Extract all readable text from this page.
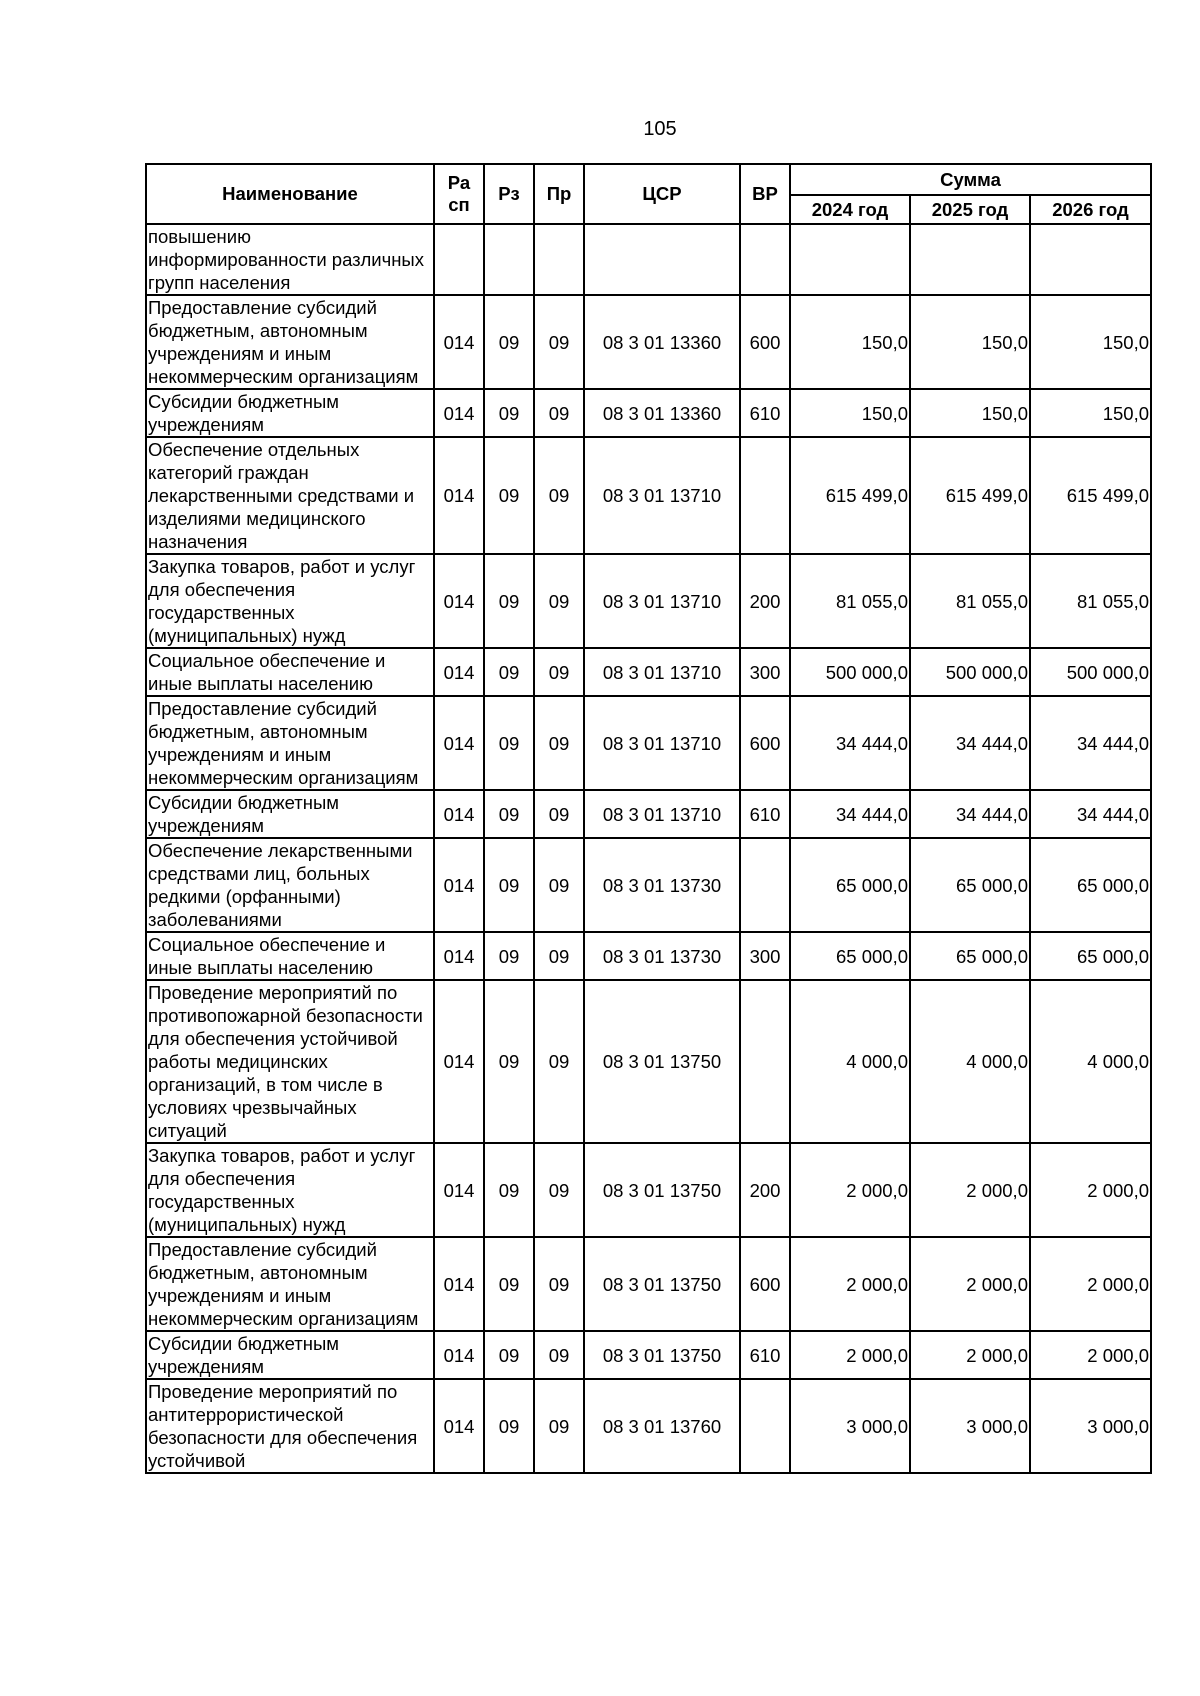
105
Наименование	Ра сп	Рз	Пр	ЦСР	ВР	Сумма		
						2024 год	2025 год	2026 год
повышению информированности различных групп населения								
Предоставление субсидий бюджетным, автономным учреждениям и иным некоммерческим организациям	014	09	09	08 3 01 13360	600	150,0	150,0	150,0
Субсидии бюджетным учреждениям	014	09	09	08 3 01 13360	610	150,0	150,0	150,0
Обеспечение отдельных категорий граждан лекарственными средствами и изделиями медицинского назначения	014	09	09	08 3 01 13710		615 499,0	615 499,0	615 499,0
Закупка товаров, работ и услуг для обеспечения государственных (муниципальных) нужд	014	09	09	08 3 01 13710	200	81 055,0	81 055,0	81 055,0
Социальное обеспечение и иные выплаты населению	014	09	09	08 3 01 13710	300	500 000,0	500 000,0	500 000,0
Предоставление субсидий бюджетным, автономным учреждениям и иным некоммерческим организациям	014	09	09	08 3 01 13710	600	34 444,0	34 444,0	34 444,0
Субсидии бюджетным учреждениям	014	09	09	08 3 01 13710	610	34 444,0	34 444,0	34 444,0
Обеспечение лекарственными средствами лиц, больных редкими (орфанными) заболеваниями	014	09	09	08 3 01 13730		65 000,0	65 000,0	65 000,0
Социальное обеспечение и иные выплаты населению	014	09	09	08 3 01 13730	300	65 000,0	65 000,0	65 000,0
Проведение мероприятий по противопожарной безопасности для обеспечения устойчивой работы медицинских организаций, в том числе в условиях чрезвычайных ситуаций	014	09	09	08 3 01 13750		4 000,0	4 000,0	4 000,0
Закупка товаров, работ и услуг для обеспечения государственных (муниципальных) нужд	014	09	09	08 3 01 13750	200	2 000,0	2 000,0	2 000,0
Предоставление субсидий бюджетным, автономным учреждениям и иным некоммерческим организациям	014	09	09	08 3 01 13750	600	2 000,0	2 000,0	2 000,0
Субсидии бюджетным учреждениям	014	09	09	08 3 01 13750	610	2 000,0	2 000,0	2 000,0
Проведение мероприятий по антитеррористической безопасности для обеспечения устойчивой	014	09	09	08 3 01 13760		3 000,0	3 000,0	3 000,0
